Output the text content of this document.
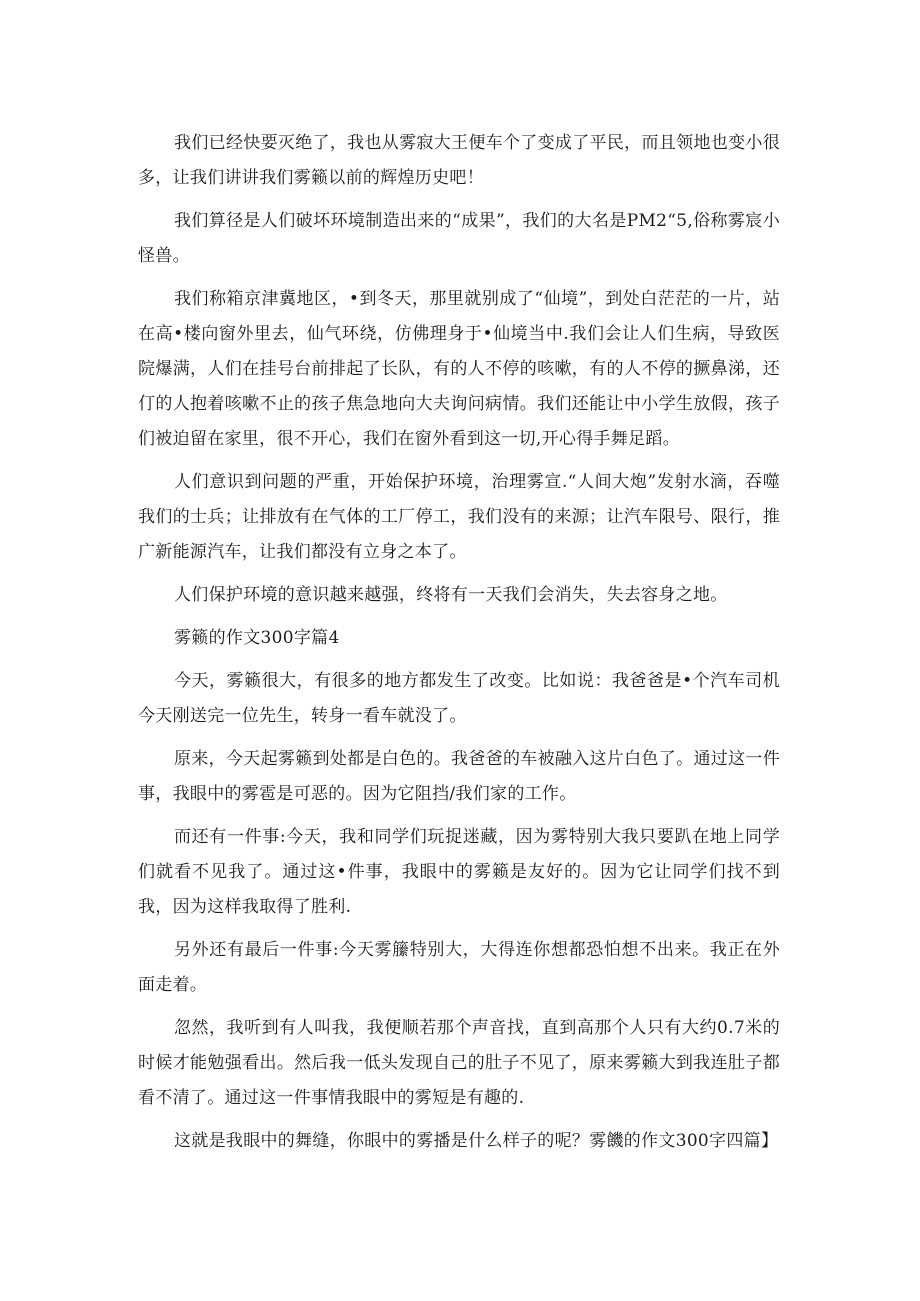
我们已经快要灭绝了，我也从雾寂大王便车个了变成了平民，而且领地也变小很多，让我们讲讲我们雾籁以前的辉煌历史吧！

我们算径是人们破坏环境制造出来的“成果”，我们的大名是PM2“5,俗称雾宸小怪兽。

我们称箱京津冀地区，•到冬天，那里就别成了“仙境”，到处白茫茫的一片，站在高•楼向窗外里去，仙气环绕，仿佛理身于•仙境当中.我们会让人们生病，导致医院爆满，人们在挂号台前排起了长队，有的人不停的咳嗽，有的人不停的撅鼻涕，还仃的人抱着咳嗽不止的孩子焦急地向大夫询问病情。我们还能让中小学生放假，孩子们被迫留在家里，很不开心，我们在窗外看到这一切,开心得手舞足蹈。

人们意识到问题的严重，开始保护环境，治理雾宣.“人间大炮”发射水滴，吞噬我们的士兵；让排放有在气体的工厂停工，我们没有的来源；让汽车限号、限行，推广新能源汽车，让我们都没有立身之本了。

人们保护环境的意识越来越强，终将有一天我们会消失，失去容身之地。

雾籁的作文300字篇4

今天，雾籁很大，有很多的地方都发生了改变。比如说：我爸爸是•个汽车司机今天刚送完一位先生，转身一看车就没了。

原来，今天起雾籁到处都是白色的。我爸爸的车被融入这片白色了。通过这一件事，我眼中的雾雹是可恶的。因为它阻挡/我们家的工作。

而还有一件事:今天，我和同学们玩捉迷藏，因为雾特别大我只要趴在地上同学们就看不见我了。通过这•件事，我眼中的雾籁是友好的。因为它让同学们找不到我，因为这样我取得了胜利.

另外还有最后一件事:今天雾籘特别大，大得连你想都恐怕想不出来。我正在外面走着。

忽然，我听到有人叫我，我便顺若那个声音找，直到高那个人只有大约0.7米的时候才能勉强看出。然后我一低头发现自己的肚子不见了，原来雾籁大到我连肚子都看不清了。通过这一件事情我眼中的雾短是有趣的.

这就是我眼中的舞缝，你眼中的雾播是什么样子的呢？雾饑的作文300字四篇】
